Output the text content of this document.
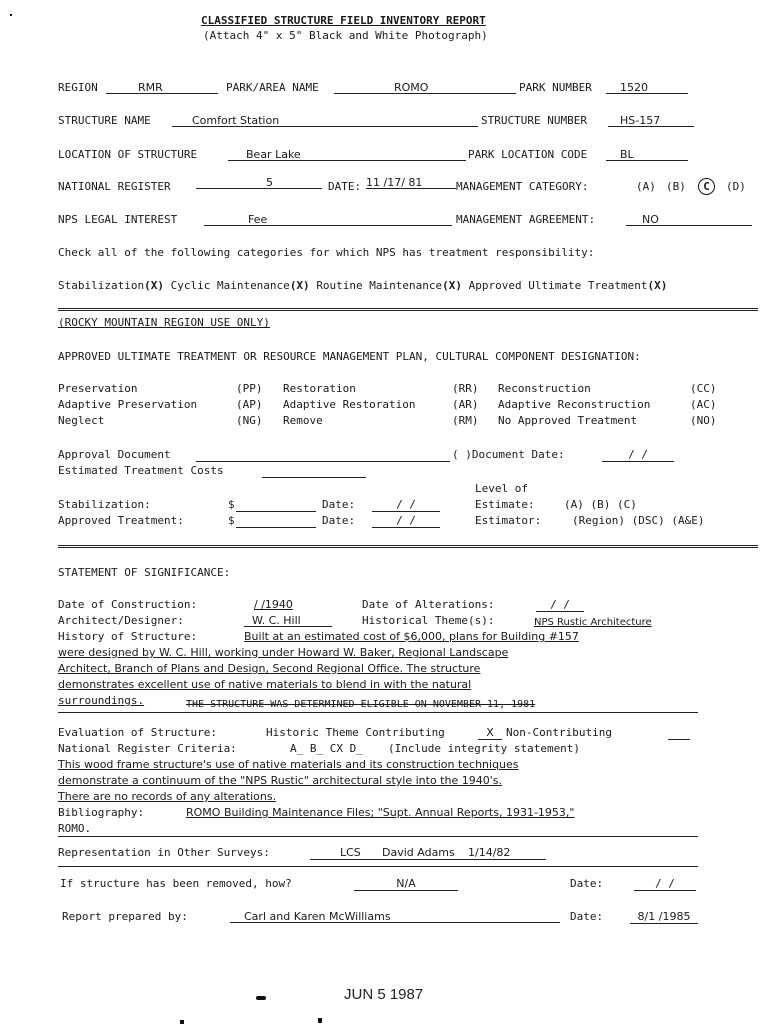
CLASSIFIED STRUCTURE FIELD INVENTORY REPORT
(Attach 4" x 5" Black and White Photograph)
REGION	RMR	PARK/AREA NAME	ROMO	PARK NUMBER	1520
STRUCTURE NAME	Comfort Station	STRUCTURE NUMBER	HS-157
LOCATION OF STRUCTURE	Bear Lake	PARK LOCATION CODE	BL
NATIONAL REGISTER	5	DATE: 11 /17/ 81	MANAGEMENT CATEGORY:	(A) (B)	C	(D)
NPS LEGAL INTEREST	Fee	MANAGEMENT AGREEMENT:	NO
Check all of the following categories for which NPS has treatment responsibility:
Stabilization(X) Cyclic Maintenance(X) Routine Maintenance(X) Approved Ultimate Treatment(X)
(ROCKY MOUNTAIN REGION USE ONLY)
APPROVED ULTIMATE TREATMENT OR RESOURCE MANAGEMENT PLAN, CULTURAL COMPONENT DESIGNATION:
Preservation	(PP) Restoration	(RR) Reconstruction	(CC)
Adaptive Preservation	(AP) Adaptive Restoration	(AR) Adaptive Reconstruction	(AC)
Neglect	(NG) Remove	(RM) No Approved Treatment	(NO)
Approval Document	( )Document Date:	/ /
Estimated Treatment Costs
Level of
Stabilization:	$	Date:	/ /	Estimate:	(A) (B) (C)
Approved Treatment:	$	Date:	/ /	Estimator:	(Region) (DSC) (A&E)
STATEMENT OF SIGNIFICANCE:
Date of Construction:	/ /1940	Date of Alterations:	/ /
Architect/Designer:	W. C. Hill	Historical Theme(s):	NPS Rustic Architecture
History of Structure:	Built at an estimated cost of $6,000, plans for Building #157
were designed by W. C. Hill, working under Howard W. Baker, Regional Landscape
Architect, Branch of Plans and Design, Second Regional Office. The structure
demonstrates excellent use of native materials to blend in with the natural
surroundings.	THE STRUCTURE WAS DETERMINED ELIGIBLE ON NOVEMBER 11, 1981
Evaluation of Structure:	Historic Theme Contributing	X	Non-Contributing
National Register Criteria:	A_ B_ CX D_ (Include integrity statement)
This wood frame structure's use of native materials and its construction techniques
demonstrate a continuum of the "NPS Rustic" architectural style into the 1940's.
There are no records of any alterations.
Bibliography:	ROMO Building Maintenance Files; "Supt. Annual Reports, 1931-1953,"
ROMO.
Representation in Other Surveys:	LCS David Adams 1/14/82
If structure has been removed, how?	N/A	Date:	/ /
Report prepared by:	Carl and Karen McWilliams	Date:	8/1 /1985
JUN 5 1987
